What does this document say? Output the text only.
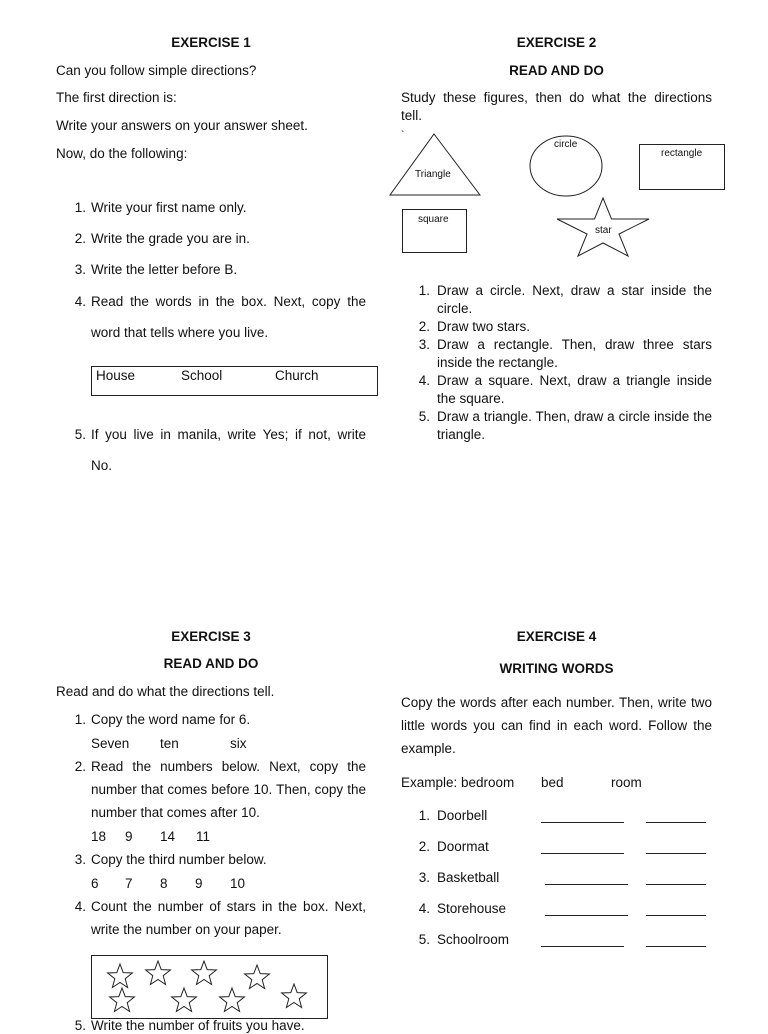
EXERCISE 1
Can you follow simple directions?
The first direction is:
Write your answers on your answer sheet.
Now, do the following:
1. Write your first name only.
2. Write the grade you are in.
3. Write the letter before B.
4. Read the words in the box. Next, copy the
word that tells where you live.
House	School	Church
5. If you live in manila, write Yes; if not, write
No.
EXERCISE 2
READ AND DO
Study these figures, then do what the directions
tell.
`
Triangle
circle
rectangle
square
star
1. Draw a circle. Next, draw a star inside the
circle.
2. Draw two stars.
3. Draw a rectangle. Then, draw three stars
inside the rectangle.
4. Draw a square. Next, draw a triangle inside
the square.
5. Draw a triangle. Then, draw a circle inside the
triangle.
EXERCISE 3
READ AND DO
Read and do what the directions tell.
1. Copy the word name for 6.
Seven ten	six
2. Read the numbers below. Next, copy the
number that comes before 10. Then, copy the
number that comes after 10.
18 9 14 11
3. Copy the third number below.
6 7 8 9 10
4. Count the number of stars in the box. Next,
write the number on your paper.
5. Write the number of fruits you have.
EXERCISE 4
WRITING WORDS
Copy the words after each number. Then, write two
little words you can find in each word. Follow the
example.
Example: bedroom bed	room
1. Doorbell
2. Doormat
3. Basketball
4. Storehouse
5. Schoolroom
